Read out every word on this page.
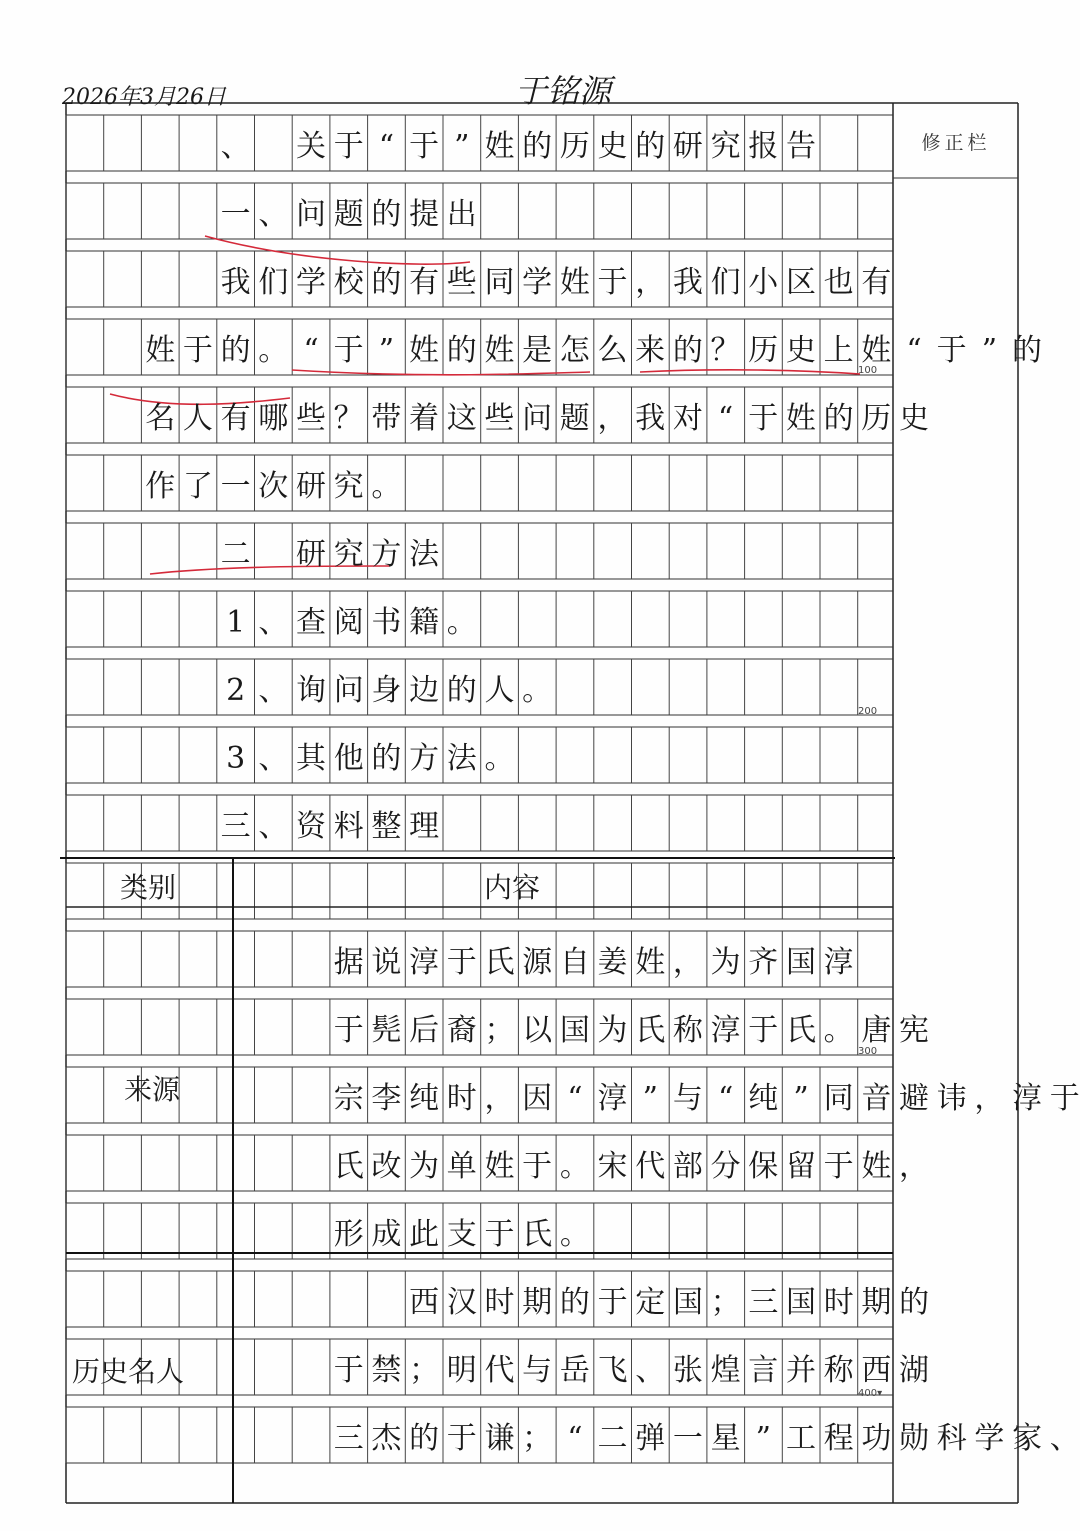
2026年3月26日	于铭源
修正栏
100
200
300
400▾
、 关 于 “ 于 ” 姓 的 历 史 的 研 究 报 告
一 、 问 题 的 提 出
我 们 学 校 的 有 些 同 学 姓 于 ， 我 们 小 区 也 有
姓 于 的 。 “ 于 ” 姓 的 姓 是 怎 么 来 的 ？ 历 史 上 姓 “ 于 ” 的
名 人 有 哪 些 ？ 带 着 这 些 问 题 ， 我 对 “ 于 姓 的 历 史
作 了 一 次 研 究 。
二 研 究 方 法
1 、 查 阅 书 籍 。
2 、 询 问 身 边 的 人 。
3 、 其 他 的 方 法 。
三 、 资 料 整 理
类别	内容
据 说 淳 于 氏 源 自 姜 姓 ， 为 齐 国 淳
于 髡 后 裔 ； 以 国 为 氏 称 淳 于 氏 。 唐 宪
宗 李 纯 时 ， 因 “ 淳 ” 与 “ 纯 ” 同 音 避 讳 ， 淳 于
氏 改 为 单 姓 于 。 宋 代 部 分 保 留 于 姓 ，
形 成 此 支 于 氏 。
来源
西 汉 时 期 的 于 定 国 ； 三 国 时 期 的
于 禁 ； 明 代 与 岳 飞 、 张 煌 言 并 称 西 湖
三 杰 的 于 谦 ； “ 二 弹 一 星 ” 工 程 功 勋 科 学 家 、
历史名人
